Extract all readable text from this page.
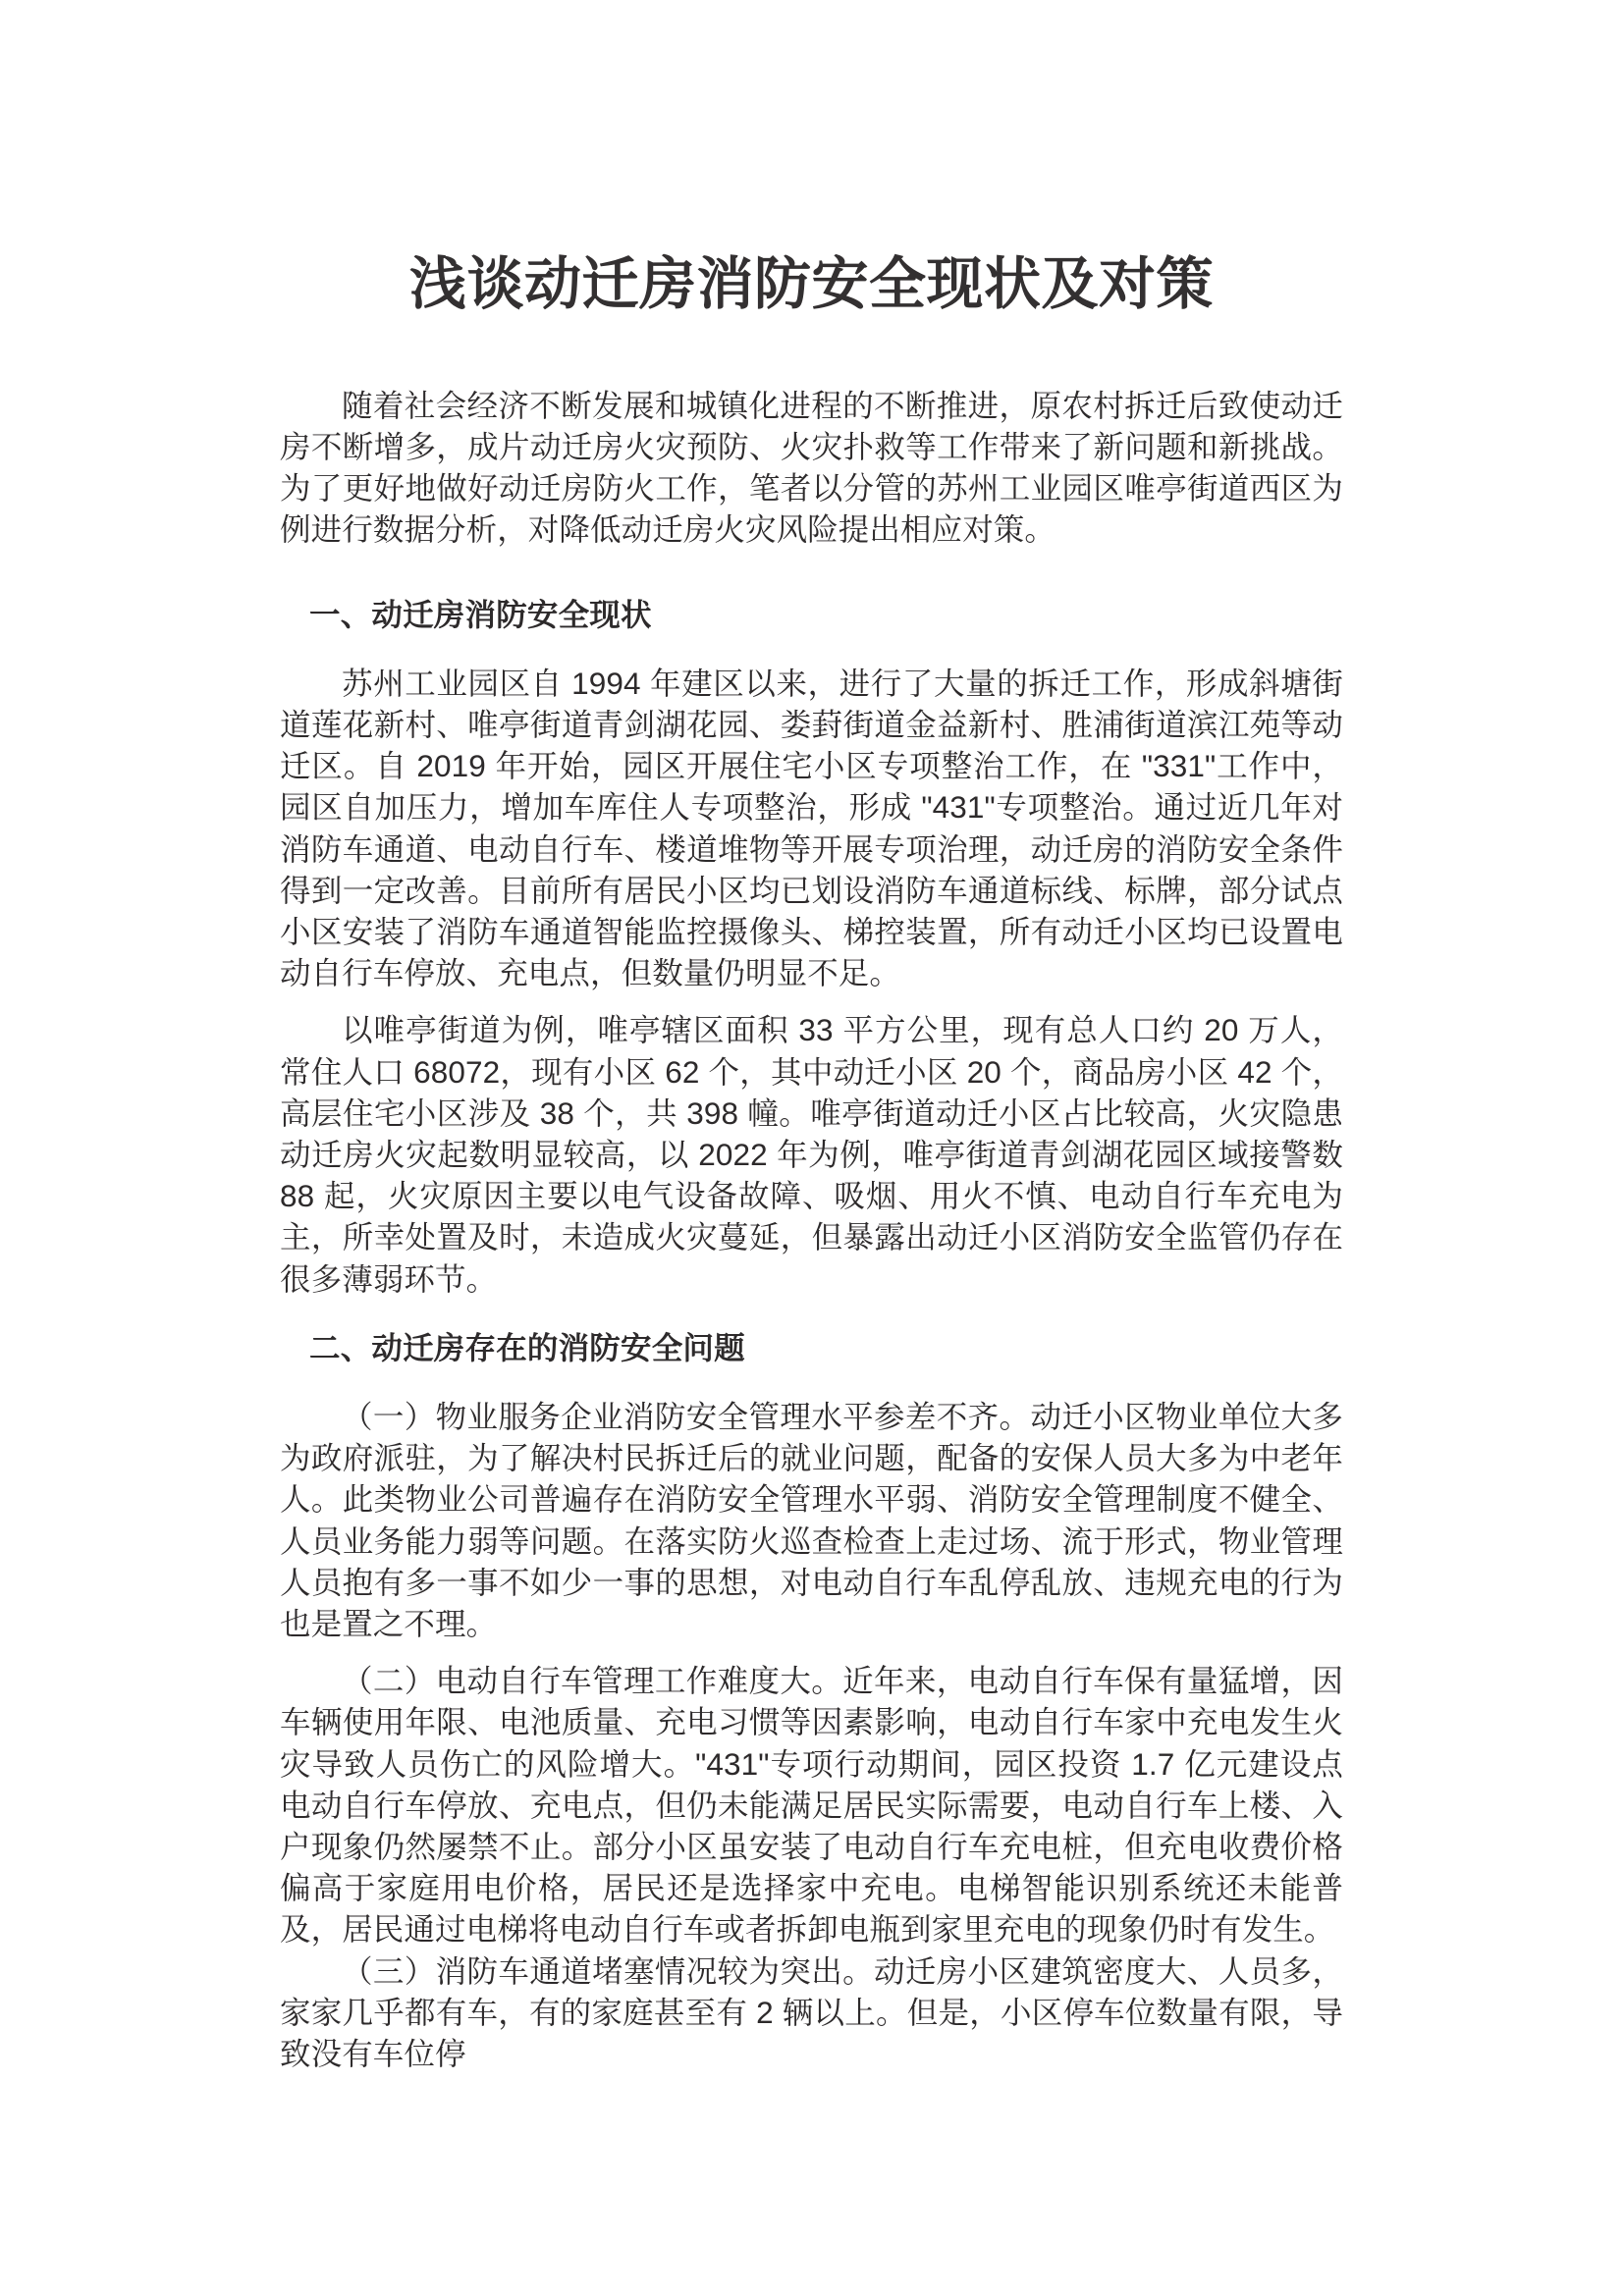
浅谈动迁房消防安全现状及对策

随着社会经济不断发展和城镇化进程的不断推进，原农村拆迁后致使动迁房不断增多，成片动迁房火灾预防、火灾扑救等工作带来了新问题和新挑战。为了更好地做好动迁房防火工作，笔者以分管的苏州工业园区唯亭街道西区为例进行数据分析，对降低动迁房火灾风险提出相应对策。

一、动迁房消防安全现状

苏州工业园区自 1994 年建区以来，进行了大量的拆迁工作，形成斜塘街道莲花新村、唯亭街道青剑湖花园、娄葑街道金益新村、胜浦街道滨江苑等动迁区。自 2019 年开始，园区开展住宅小区专项整治工作，在 "331"工作中，园区自加压力，增加车库住人专项整治，形成 "431"专项整治。通过近几年对消防车通道、电动自行车、楼道堆物等开展专项治理，动迁房的消防安全条件得到一定改善。目前所有居民小区均已划设消防车通道标线、标牌，部分试点小区安装了消防车通道智能监控摄像头、梯控装置，所有动迁小区均已设置电动自行车停放、充电点，但数量仍明显不足。

以唯亭街道为例，唯亭辖区面积 33 平方公里，现有总人口约 20 万人，常住人口 68072，现有小区 62 个，其中动迁小区 20 个，商品房小区 42 个，高层住宅小区涉及 38 个，共 398 幢。唯亭街道动迁小区占比较高，火灾隐患动迁房火灾起数明显较高，以 2022 年为例，唯亭街道青剑湖花园区域接警数 88 起，火灾原因主要以电气设备故障、吸烟、用火不慎、电动自行车充电为主，所幸处置及时，未造成火灾蔓延，但暴露出动迁小区消防安全监管仍存在很多薄弱环节。

二、动迁房存在的消防安全问题

（一）物业服务企业消防安全管理水平参差不齐。动迁小区物业单位大多为政府派驻，为了解决村民拆迁后的就业问题，配备的安保人员大多为中老年人。此类物业公司普遍存在消防安全管理水平弱、消防安全管理制度不健全、人员业务能力弱等问题。在落实防火巡查检查上走过场、流于形式，物业管理人员抱有多一事不如少一事的思想，对电动自行车乱停乱放、违规充电的行为也是置之不理。

（二）电动自行车管理工作难度大。近年来，电动自行车保有量猛增，因车辆使用年限、电池质量、充电习惯等因素影响，电动自行车家中充电发生火灾导致人员伤亡的风险增大。"431"专项行动期间，园区投资 1.7 亿元建设点电动自行车停放、充电点，但仍未能满足居民实际需要，电动自行车上楼、入户现象仍然屡禁不止。部分小区虽安装了电动自行车充电桩，但充电收费价格偏高于家庭用电价格，居民还是选择家中充电。电梯智能识别系统还未能普及，居民通过电梯将电动自行车或者拆卸电瓶到家里充电的现象仍时有发生。

（三）消防车通道堵塞情况较为突出。动迁房小区建筑密度大、人员多，家家几乎都有车，有的家庭甚至有 2 辆以上。但是，小区停车位数量有限，导致没有车位停
